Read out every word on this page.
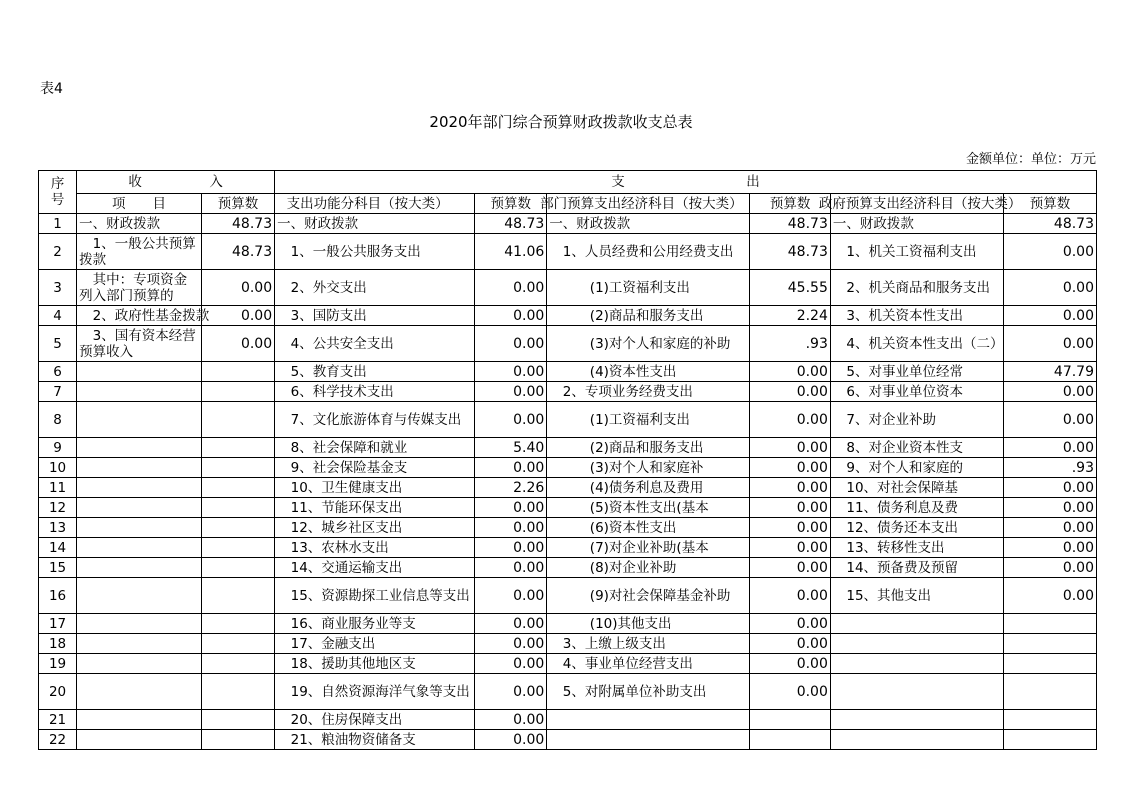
表4
2020年部门综合预算财政拨款收支总表
金额单位：单位：万元
序
号	收　　　　　入		支　　　　　　　　　出					
	项　　目	预算数	支出功能分科目（按大类）	预算数	部门预算支出经济科目（按大类）	预算数	政府预算支出经济科目（按大类）	预算数

1	一、财政拨款	48.73	一、财政拨款	48.73	一、财政拨款	48.73	一、财政拨款	48.73

2	　1、一般公共预算拨款	48.73	　1、一般公共服务支出	41.06	　1、人员经费和公用经费支出	48.73	　1、机关工资福利支出	0.00

3	　其中：专项资金列入部门预算的	0.00	　2、外交支出	0.00	　　　(1)工资福利支出	45.55	　2、机关商品和服务支出	0.00

4	　2、政府性基金拨款	0.00	　3、国防支出	0.00	　　　(2)商品和服务支出	2.24	　3、机关资本性支出	0.00

5	　3、国有资本经营预算收入	0.00	　4、公共安全支出	0.00	　　　(3)对个人和家庭的补助	.93	　4、机关资本性支出（二）	0.00

6			　5、教育支出	0.00	　　　(4)资本性支出	0.00	　5、对事业单位经常	47.79

7			　6、科学技术支出	0.00	　2、专项业务经费支出	0.00	　6、对事业单位资本	0.00

8			　7、文化旅游体育与传媒支出	0.00	　　　(1)工资福利支出	0.00	　7、对企业补助	0.00

9			　8、社会保障和就业	5.40	　　　(2)商品和服务支出	0.00	　8、对企业资本性支	0.00

10			　9、社会保险基金支	0.00	　　　(3)对个人和家庭补	0.00	　9、对个人和家庭的	.93

11			　10、卫生健康支出	2.26	　　　(4)债务利息及费用	0.00	　10、对社会保障基	0.00

12			　11、节能环保支出	0.00	　　　(5)资本性支出(基本	0.00	　11、债务利息及费	0.00

13			　12、城乡社区支出	0.00	　　　(6)资本性支出	0.00	　12、债务还本支出	0.00

14			　13、农林水支出	0.00	　　　(7)对企业补助(基本	0.00	　13、转移性支出	0.00

15			　14、交通运输支出	0.00	　　　(8)对企业补助	0.00	　14、预备费及预留	0.00

16			　15、资源勘探工业信息等支出	0.00	　　　(9)对社会保障基金补助	0.00	　15、其他支出	0.00

17			　16、商业服务业等支	0.00	　　　(10)其他支出	0.00		

18			　17、金融支出	0.00	　3、上缴上级支出	0.00		

19			　18、援助其他地区支	0.00	　4、事业单位经营支出	0.00		

20			　19、自然资源海洋气象等支出	0.00	　5、对附属单位补助支出	0.00		

21			　20、住房保障支出	0.00				

22			　21、粮油物资储备支	0.00				
